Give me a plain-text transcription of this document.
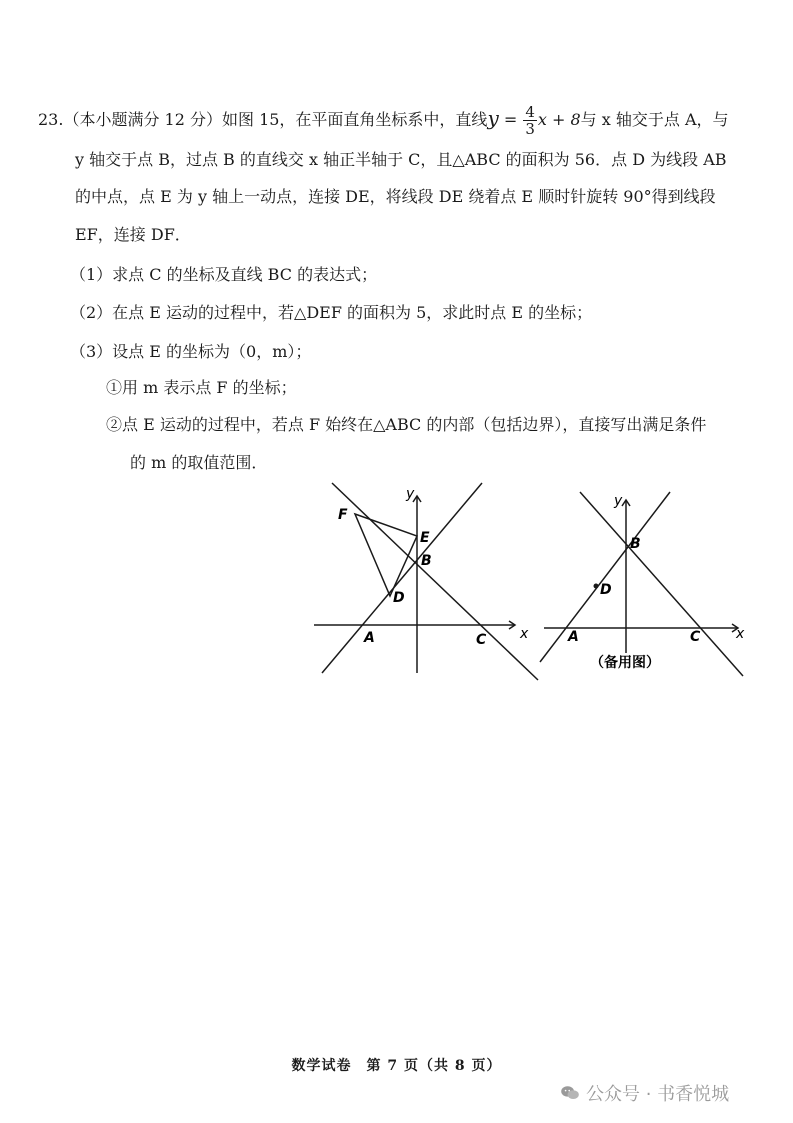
23.（本小题满分 12 分）如图 15，在平面直角坐标系中，直线$y = \frac{4}{3}$ x + 8与 x 轴交于点 A，与
y 轴交于点 B，过点 B 的直线交 x 轴正半轴于 C，且△ABC 的面积为 56．点 D 为线段 AB
的中点，点 E 为 y 轴上一动点，连接 DE，将线段 DE 绕着点 E 顺时针旋转 90°得到线段
EF，连接 DF．
（1）求点 C 的坐标及直线 BC 的表达式；
（2）在点 E 运动的过程中，若△DEF 的面积为 5，求此时点 E 的坐标；
（3）设点 E 的坐标为（0，m）；
①用 m 表示点 F 的坐标；
②点 E 运动的过程中，若点 F 始终在△ABC 的内部（包括边界），直接写出满足条件
的 m 的取值范围．
y
x
F
E
B
D
A	C
y
x
B
D
A	C
（备用图）
数学试卷　第 7 页（共 8 页）
公众号 · 书香悦城
